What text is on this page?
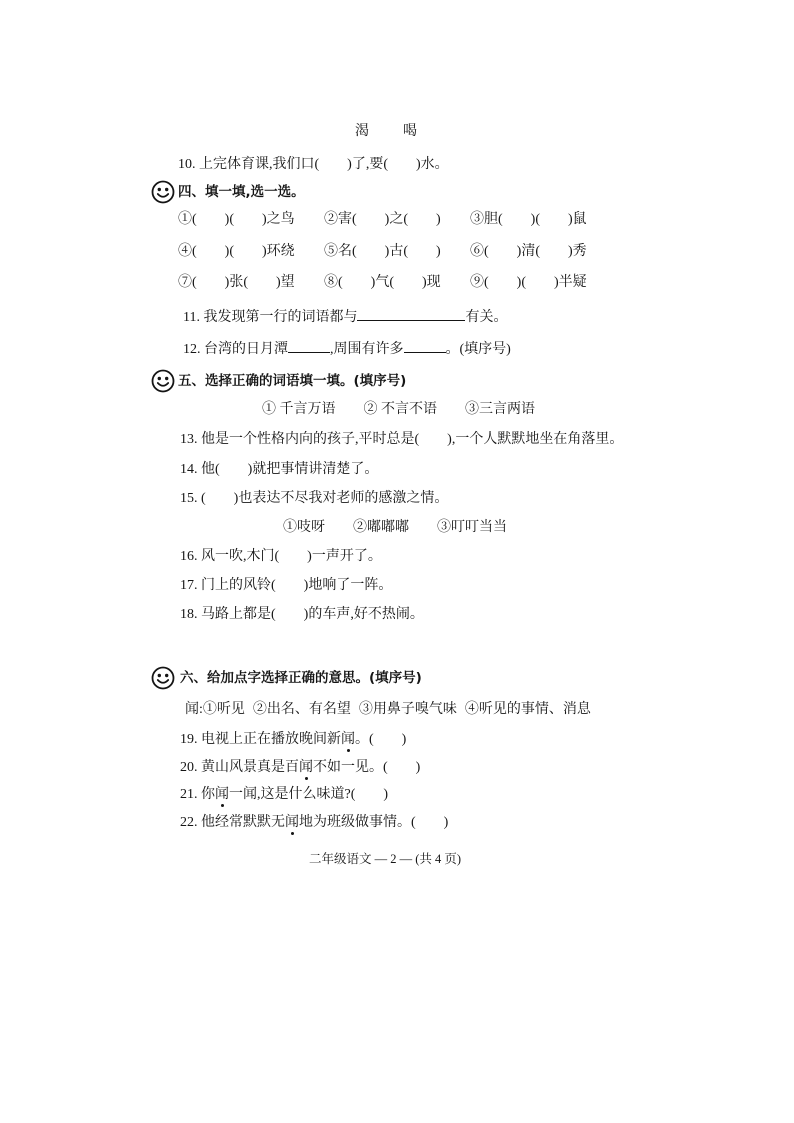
渴 喝
10. 上完体育课,我们口(　　)了,要(　　)水。
四、填一填,选一选。
①(　　)(　　)之鸟	②害(　　)之(　　)	③胆(　　)(　　)鼠
④(　　)(　　)环绕	⑤名(　　)古(　　)	⑥(　　)清(　　)秀
⑦(　　)张(　　)望	⑧(　　)气(　　)现	⑨(　　)(　　)半疑
11. 我发现第一行的词语都与	有关。
12. 台湾的日月潭	,周围有许多	。(填序号)
五、选择正确的词语填一填。(填序号)
① 千言万语 ② 不言不语 ③三言两语
13. 他是一个性格内向的孩子,平时总是(　　),一个人默默地坐在角落里。
14. 他(　　)就把事情讲清楚了。
15. (　　)也表达不尽我对老师的感激之情。
①吱呀 ②嘟嘟嘟 ③叮叮当当
16. 风一吹,木门(　　)一声开了。
17. 门上的风铃(　　)地响了一阵。
18. 马路上都是(　　)的车声,好不热闹。
六、给加点字选择正确的意思。(填序号)
闻:①听见 ②出名、有名望 ③用鼻子嗅气味 ④听见的事情、消息
19. 电视上正在播放晚间新闻。(　　)
20. 黄山风景真是百闻不如一见。(　　)
21. 你闻一闻,这是什么味道?(　　)
22. 他经常默默无闻地为班级做事情。(　　)
二年级语文 — 2 — (共 4 页)
